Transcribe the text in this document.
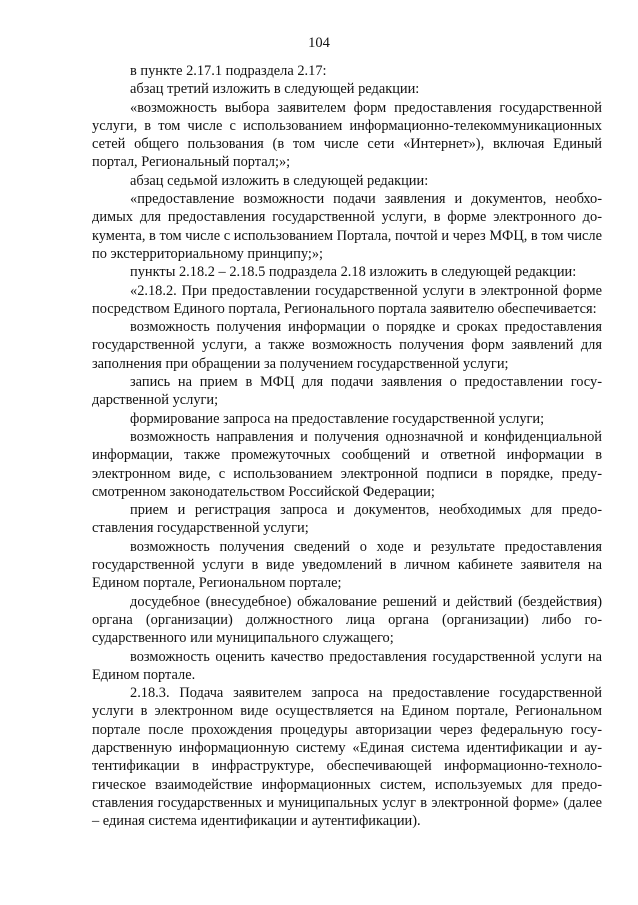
104

в пункте 2.17.1 подраздела 2.17:

абзац третий изложить в следующей редакции:

«возможность выбора заявителем форм предоставления государственной услуги, в том числе с использованием информационно-телекоммуникационных сетей общего пользования (в том числе сети «Интернет»), включая Единый портал, Региональный портал;»;

абзац седьмой изложить в следующей редакции:

«предоставление возможности подачи заявления и документов, необходимых для предоставления государственной услуги, в форме электронного документа, в том числе с использованием Портала, почтой и через МФЦ, в том числе по экстерриториальному принципу;»;

пункты 2.18.2 – 2.18.5 подраздела 2.18 изложить в следующей редакции:

«2.18.2. При предоставлении государственной услуги в электронной форме посредством Единого портала, Регионального портала заявителю обеспечивается:

возможность получения информации о порядке и сроках предоставления государственной услуги, а также возможность получения форм заявлений для заполнения при обращении за получением государственной услуги;

запись на прием в МФЦ для подачи заявления о предоставлении государственной услуги;

формирование запроса на предоставление государственной услуги;

возможность направления и получения однозначной и конфиденциальной информации, также промежуточных сообщений и ответной информации в электронном виде, с использованием электронной подписи в порядке, предусмотренном законодательством Российской Федерации;

прием и регистрация запроса и документов, необходимых для предоставления государственной услуги;

возможность получения сведений о ходе и результате предоставления государственной услуги в виде уведомлений в личном кабинете заявителя на Едином портале, Региональном портале;

досудебное (внесудебное) обжалование решений и действий (бездействия) органа (организации) должностного лица органа (организации) либо государственного или муниципального служащего;

возможность оценить качество предоставления государственной услуги на Едином портале.

2.18.3. Подача заявителем запроса на предоставление государственной услуги в электронном виде осуществляется на Едином портале, Региональном портале после прохождения процедуры авторизации через федеральную государственную информационную систему «Единая система идентификации и аутентификации в инфраструктуре, обеспечивающей информационно-технологическое взаимодействие информационных систем, используемых для предоставления государственных и муниципальных услуг в электронной форме» (далее – единая система идентификации и аутентификации).
